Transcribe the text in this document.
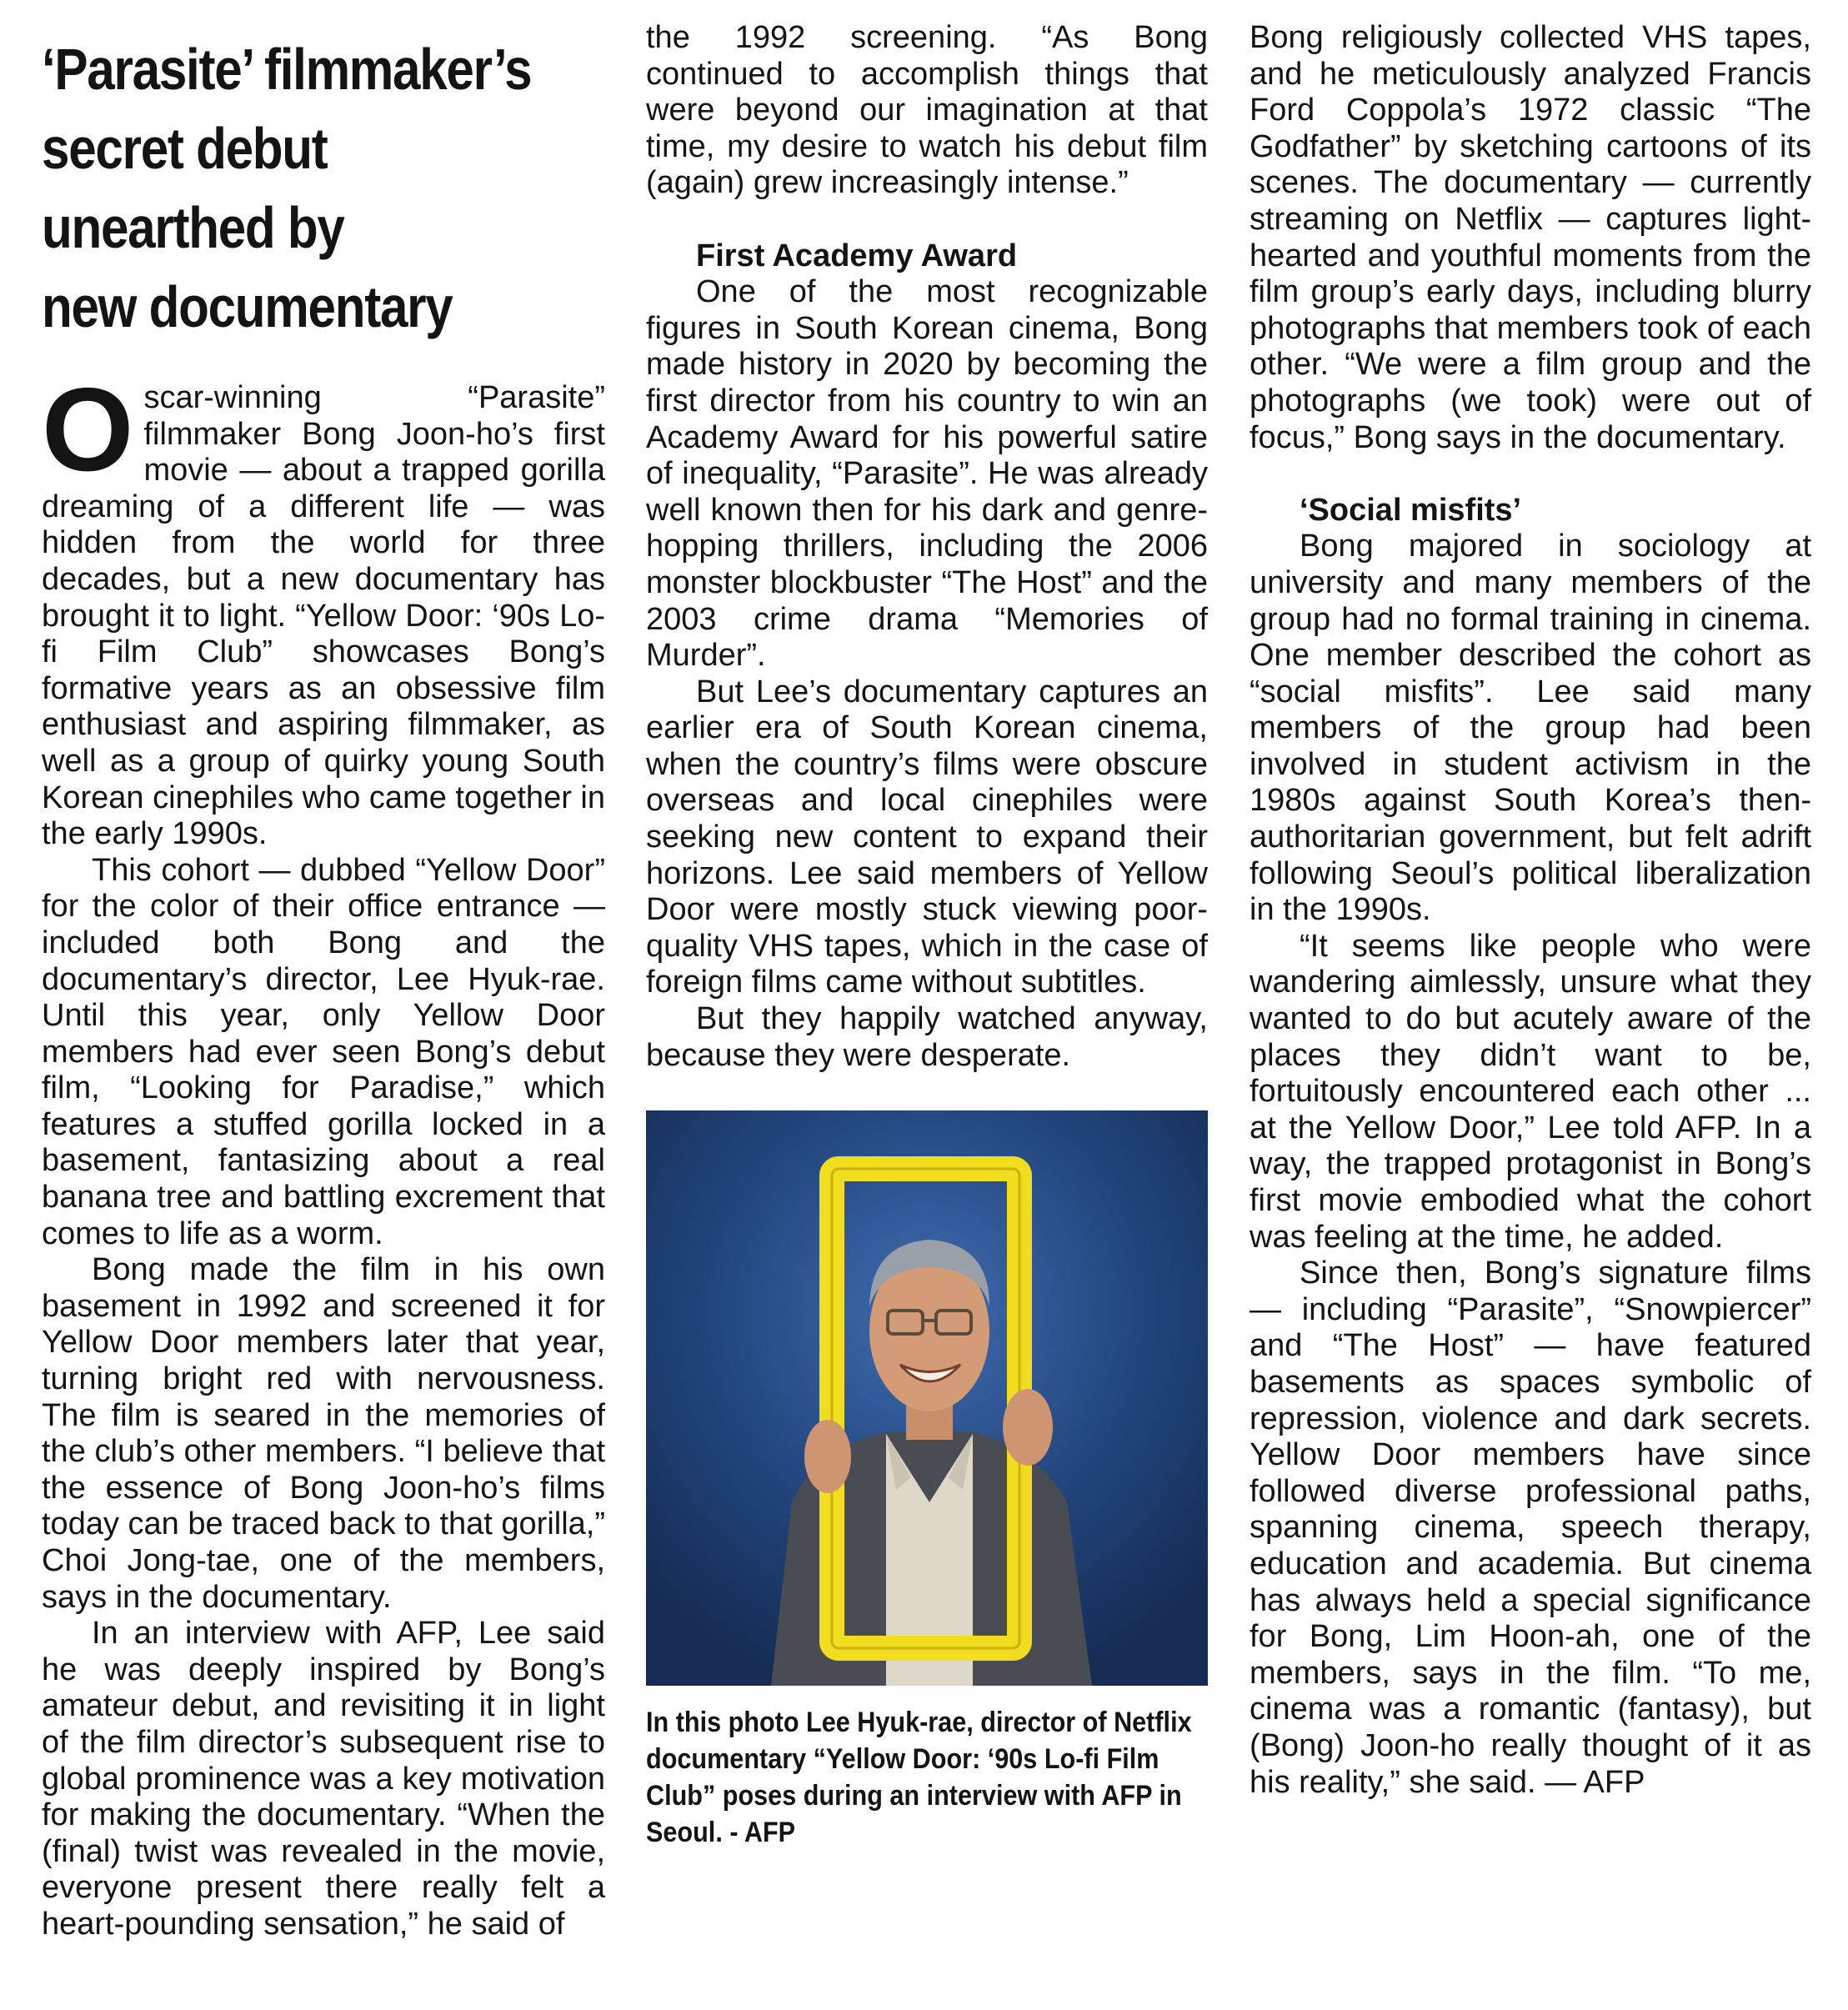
‘Parasite’ filmmaker’s
secret debut
unearthed by
new documentary

Oscar-winning “Parasite” filmmaker Bong Joon-ho’s first movie — about a trapped gorilla dreaming of a different life — was hidden from the world for three decades, but a new documentary has brought it to light. “Yellow Door: ‘90s Lo-fi Film Club” showcases Bong’s formative years as an obsessive film enthusiast and aspiring filmmaker, as well as a group of quirky young South Korean cinephiles who came together in the early 1990s.

This cohort — dubbed “Yellow Door” for the color of their office entrance — included both Bong and the documentary’s director, Lee Hyuk-rae. Until this year, only Yellow Door members had ever seen Bong’s debut film, “Looking for Paradise,” which features a stuffed gorilla locked in a basement, fantasizing about a real banana tree and battling excrement that comes to life as a worm.

Bong made the film in his own basement in 1992 and screened it for Yellow Door members later that year, turning bright red with nervousness. The film is seared in the memories of the club’s other members. “I believe that the essence of Bong Joon-ho’s films today can be traced back to that gorilla,” Choi Jong-tae, one of the members, says in the documentary.

In an interview with AFP, Lee said he was deeply inspired by Bong’s amateur debut, and revisiting it in light of the film director’s subsequent rise to global prominence was a key motivation for making the documentary. “When the (final) twist was revealed in the movie, everyone present there really felt a heart-pounding sensation,” he said of

the 1992 screening. “As Bong continued to accomplish things that were beyond our imagination at that time, my desire to watch his debut film (again) grew increasingly intense.”

First Academy Award

One of the most recognizable figures in South Korean cinema, Bong made history in 2020 by becoming the first director from his country to win an Academy Award for his powerful satire of inequality, “Parasite”. He was already well known then for his dark and genre-hopping thrillers, including the 2006 monster blockbuster “The Host” and the 2003 crime drama “Memories of Murder”.

But Lee’s documentary captures an earlier era of South Korean cinema, when the country’s films were obscure overseas and local cinephiles were seeking new content to expand their horizons. Lee said members of Yellow Door were mostly stuck viewing poor-quality VHS tapes, which in the case of foreign films came without subtitles.

But they happily watched anyway, because they were desperate.

In this photo Lee Hyuk-rae, director of Netflix documentary “Yellow Door: ‘90s Lo-fi Film Club” poses during an interview with AFP in Seoul. - AFP

Bong religiously collected VHS tapes, and he meticulously analyzed Francis Ford Coppola’s 1972 classic “The Godfather” by sketching cartoons of its scenes. The documentary — currently streaming on Netflix — captures light-hearted and youthful moments from the film group’s early days, including blurry photographs that members took of each other. “We were a film group and the photographs (we took) were out of focus,” Bong says in the documentary.

‘Social misfits’

Bong majored in sociology at university and many members of the group had no formal training in cinema. One member described the cohort as “social misfits”. Lee said many members of the group had been involved in student activism in the 1980s against South Korea’s then-authoritarian government, but felt adrift following Seoul’s political liberalization in the 1990s.

“It seems like people who were wandering aimlessly, unsure what they wanted to do but acutely aware of the places they didn’t want to be, fortuitously encountered each other ... at the Yellow Door,” Lee told AFP. In a way, the trapped protagonist in Bong’s first movie embodied what the cohort was feeling at the time, he added.

Since then, Bong’s signature films — including “Parasite”, “Snowpiercer” and “The Host” — have featured basements as spaces symbolic of repression, violence and dark secrets. Yellow Door members have since followed diverse professional paths, spanning cinema, speech therapy, education and academia. But cinema has always held a special significance for Bong, Lim Hoon-ah, one of the members, says in the film. “To me, cinema was a romantic (fantasy), but (Bong) Joon-ho really thought of it as his reality,” she said. — AFP
